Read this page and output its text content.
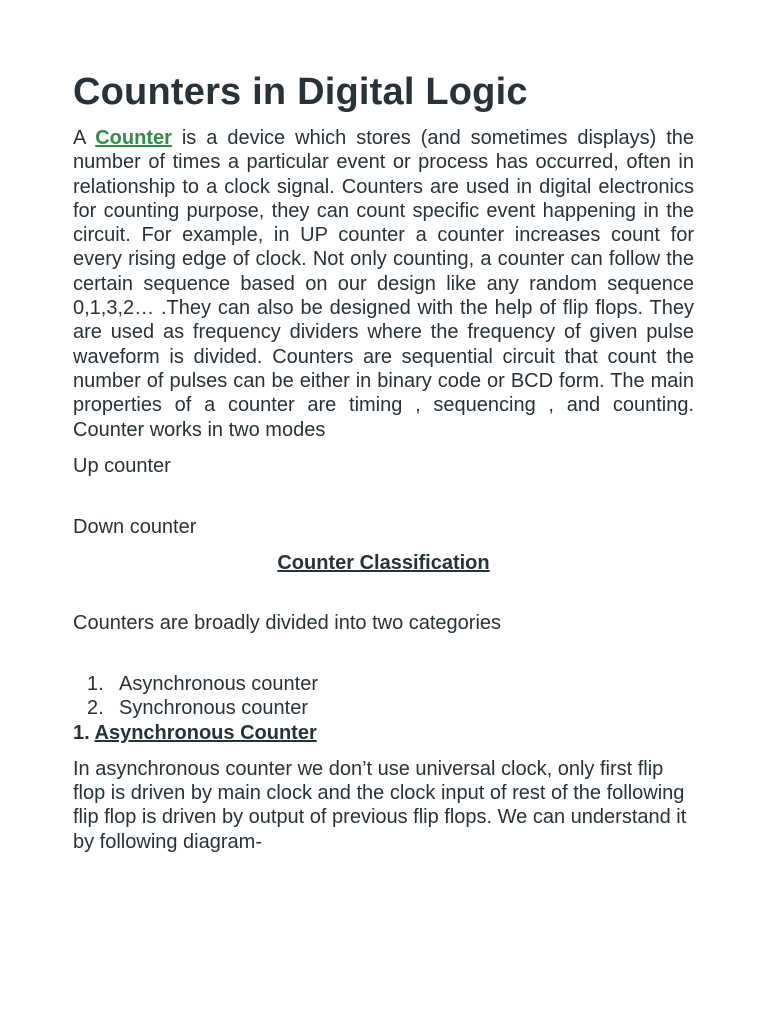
Counters in Digital Logic

A Counter is a device which stores (and sometimes displays) the number of times a particular event or process has occurred, often in relationship to a clock signal. Counters are used in digital electronics for counting purpose, they can count specific event happening in the circuit. For example, in UP counter a counter increases count for every rising edge of clock. Not only counting, a counter can follow the certain sequence based on our design like any random sequence 0,1,3,2… .They can also be designed with the help of flip flops. They are used as frequency dividers where the frequency of given pulse waveform is divided. Counters are sequential circuit that count the number of pulses can be either in binary code or BCD form. The main properties of a counter are timing , sequencing , and counting. Counter works in two modes

Up counter

Down counter

Counter Classification

Counters are broadly divided into two categories

1. Asynchronous counter
2. Synchronous counter
1. Asynchronous Counter

In asynchronous counter we don’t use universal clock, only first flip flop is driven by main clock and the clock input of rest of the following flip flop is driven by output of previous flip flops. We can understand it by following diagram-
